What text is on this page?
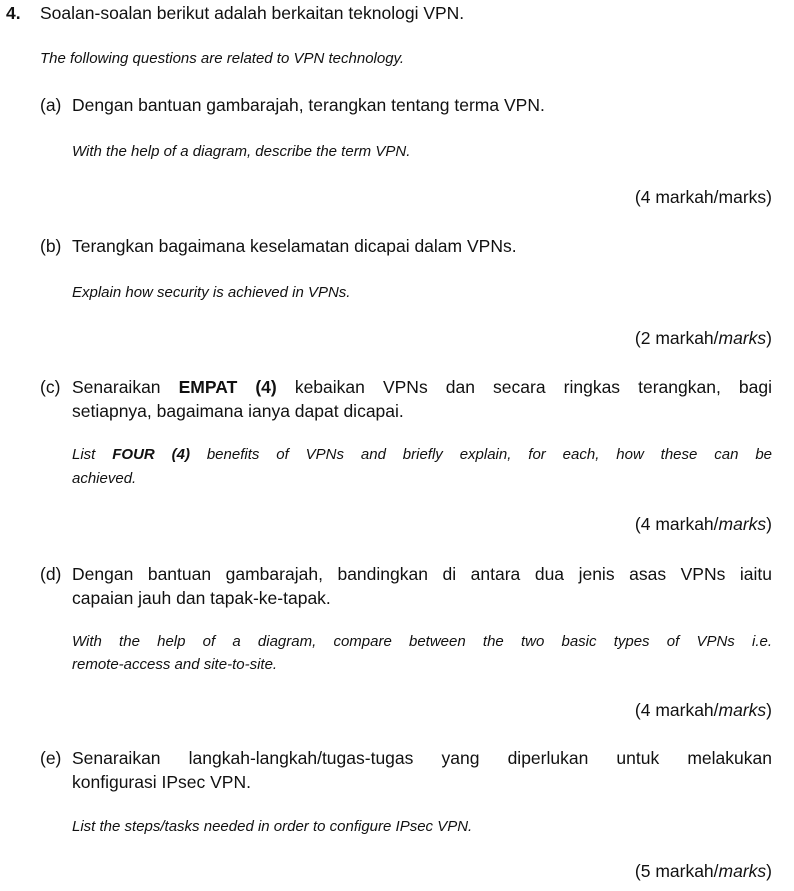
4. Soalan-soalan berikut adalah berkaitan teknologi VPN.
The following questions are related to VPN technology.
(a) Dengan bantuan gambarajah, terangkan tentang terma VPN.
With the help of a diagram, describe the term VPN.
(4 markah/marks)
(b) Terangkan bagaimana keselamatan dicapai dalam VPNs.
Explain how security is achieved in VPNs.
(2 markah/marks)
(c) Senaraikan EMPAT (4) kebaikan VPNs dan secara ringkas terangkan, bagi
setiapnya, bagaimana ianya dapat dicapai.
List FOUR (4) benefits of VPNs and briefly explain, for each, how these can be
achieved.
(4 markah/marks)
(d) Dengan bantuan gambarajah, bandingkan di antara dua jenis asas VPNs iaitu
capaian jauh dan tapak-ke-tapak.
With the help of a diagram, compare between the two basic types of VPNs i.e.
remote-access and site-to-site.
(4 markah/marks)
(e) Senaraikan langkah-langkah/tugas-tugas yang diperlukan untuk melakukan
konfigurasi IPsec VPN.
List the steps/tasks needed in order to configure IPsec VPN.
(5 markah/marks)
